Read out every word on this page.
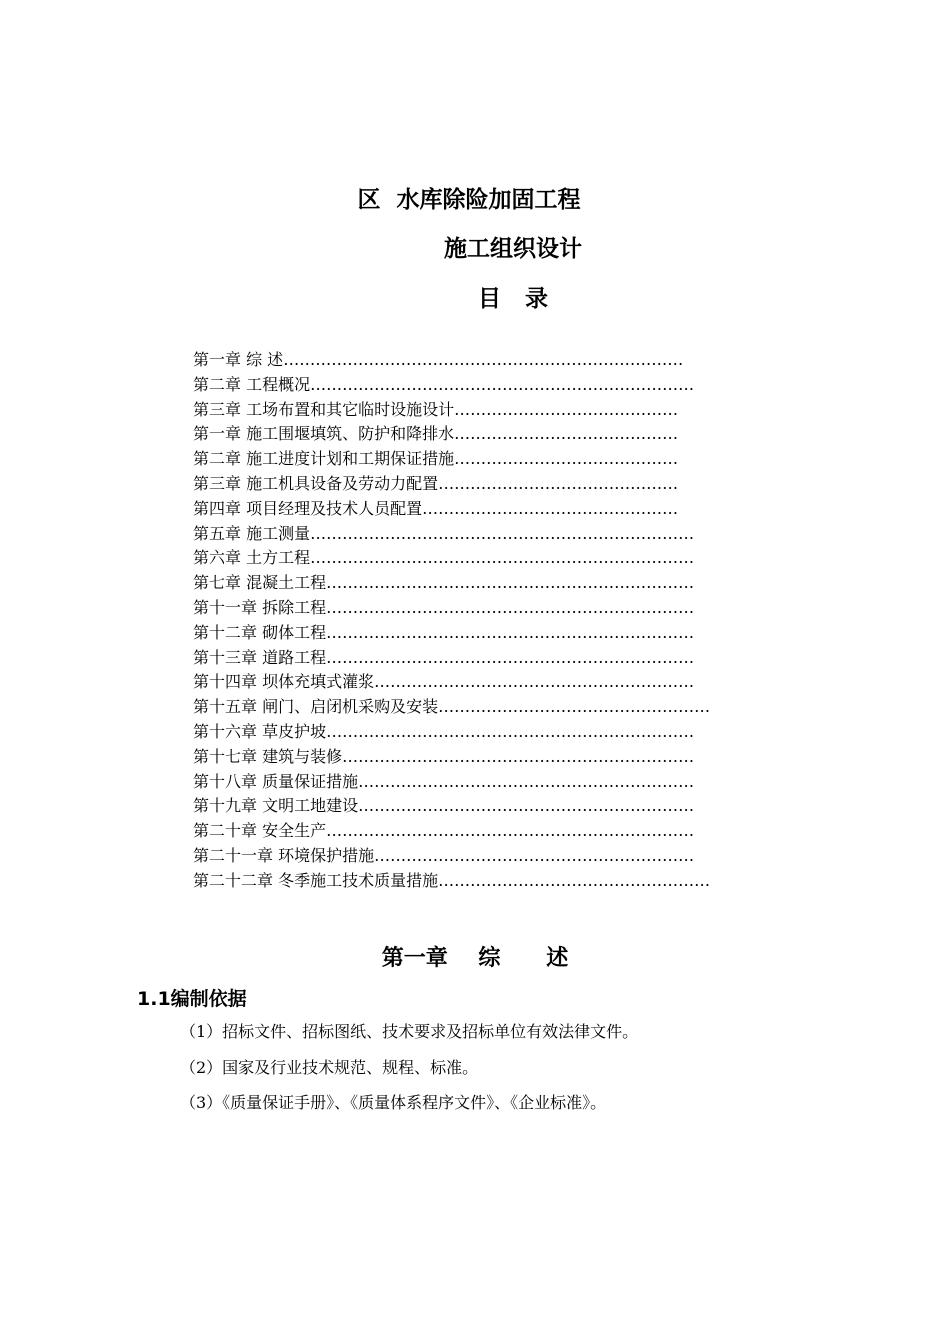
区  水库除险加固工程
施工组织设计
目   录
第一章 综 述…………………………………………………………………
第二章 工程概况………………………………………………………………
第三章 工场布置和其它临时设施设计……………………………………
第一章 施工围堰填筑、防护和降排水……………………………………
第二章 施工进度计划和工期保证措施……………………………………
第三章 施工机具设备及劳动力配置………………………………………
第四章 项目经理及技术人员配置…………………………………………
第五章 施工测量………………………………………………………………
第六章 土方工程………………………………………………………………
第七章 混凝土工程……………………………………………………………
第十一章 拆除工程……………………………………………………………
第十二章 砌体工程……………………………………………………………
第十三章 道路工程……………………………………………………………
第十四章 坝体充填式灌浆……………………………………………………
第十五章 闸门、启闭机采购及安装……………………………………………
第十六章 草皮护坡……………………………………………………………
第十七章 建筑与装修…………………………………………………………
第十八章 质量保证措施………………………………………………………
第十九章 文明工地建设………………………………………………………
第二十章 安全生产……………………………………………………………
第二十一章 环境保护措施……………………………………………………
第二十二章 冬季施工技术质量措施……………………………………………
第一章    综      述
1.1编制依据
（1）招标文件、招标图纸、技术要求及招标单位有效法律文件。
（2）国家及行业技术规范、规程、标准。
（3）《质量保证手册》、《质量体系程序文件》、《企业标准》。
